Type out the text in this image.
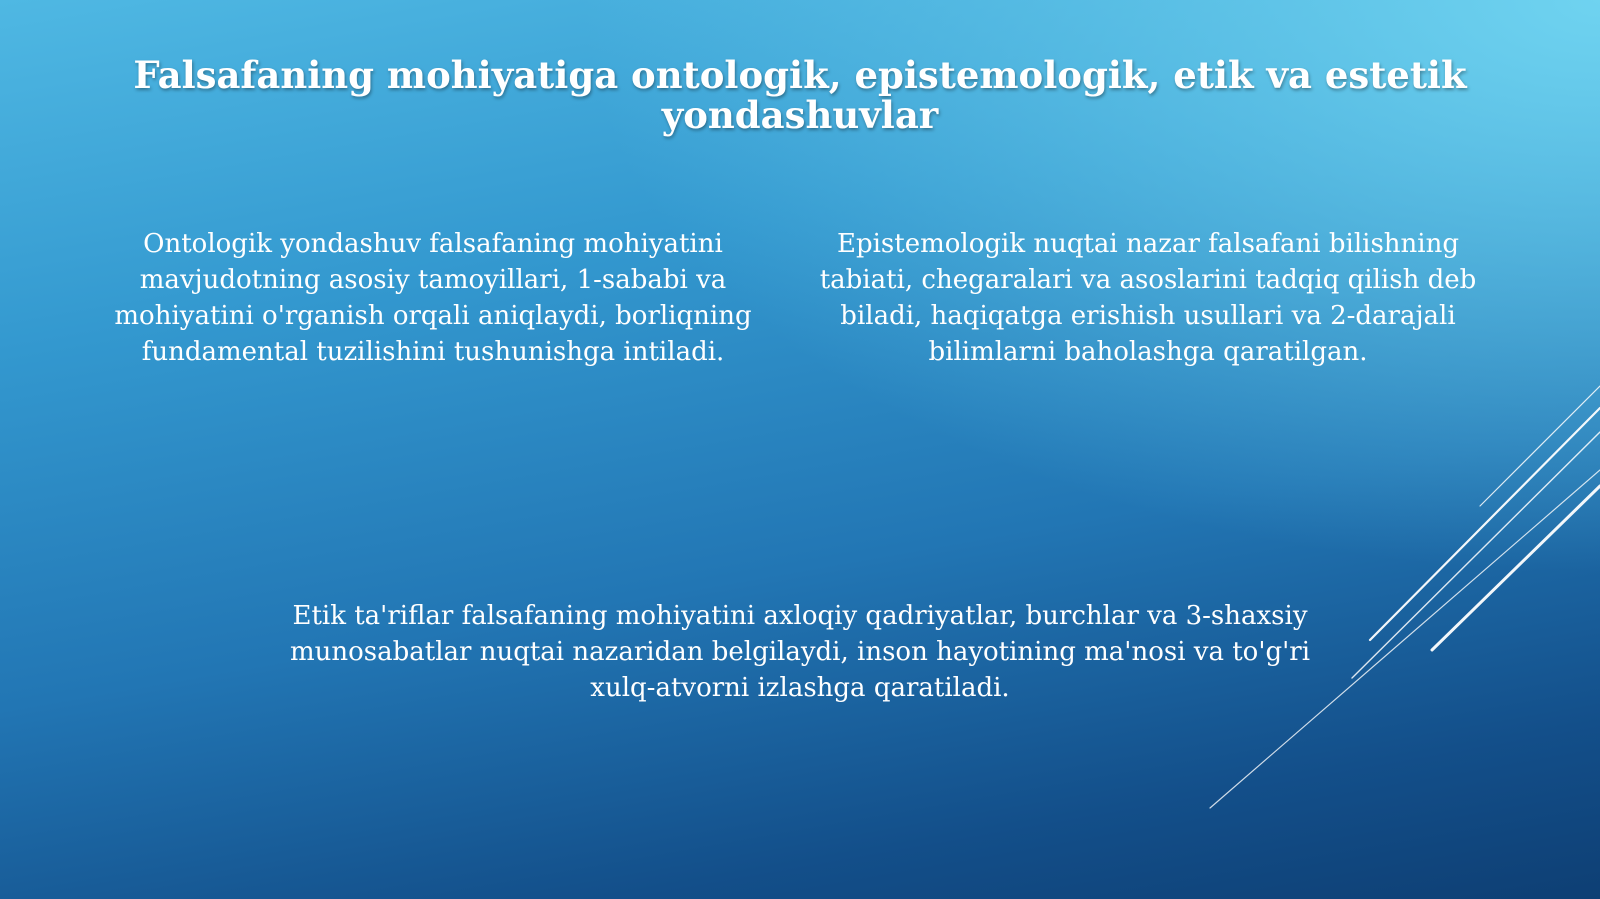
Falsafaning mohiyatiga ontologik, epistemologik, etik va estetik yondashuvlar

Ontologik yondashuv falsafaning mohiyatini mavjudotning asosiy tamoyillari, 1-sababi va mohiyatini o'rganish orqali aniqlaydi, borliqning fundamental tuzilishini tushunishga intiladi.

Epistemologik nuqtai nazar falsafani bilishning tabiati, chegaralari va asoslarini tadqiq qilish deb biladi, haqiqatga erishish usullari va 2-darajali bilimlarni baholashga qaratilgan.

Etik ta'riflar falsafaning mohiyatini axloqiy qadriyatlar, burchlar va 3-shaxsiy munosabatlar nuqtai nazaridan belgilaydi, inson hayotining ma'nosi va to'g'ri xulq-atvorni izlashga qaratiladi.
